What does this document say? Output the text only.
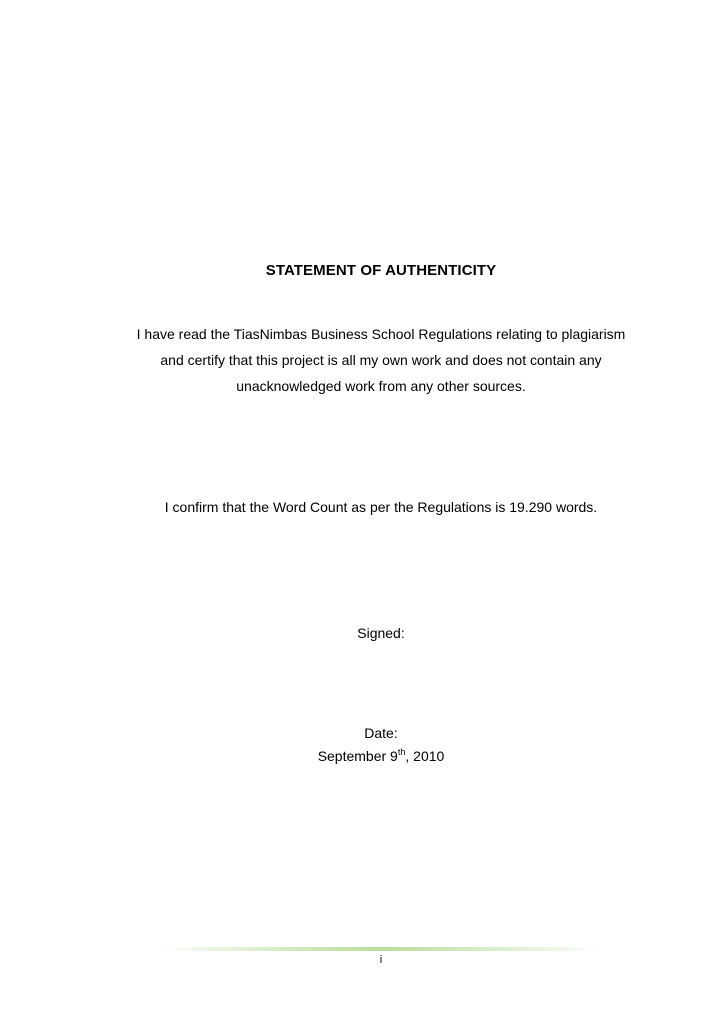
STATEMENT OF AUTHENTICITY
I have read the TiasNimbas Business School Regulations relating to plagiarism
and certify that this project is all my own work and does not contain any
unacknowledged work from any other sources.
I confirm that the Word Count as per the Regulations is 19.290 words.
Signed:
Date:
September 9th, 2010
i
